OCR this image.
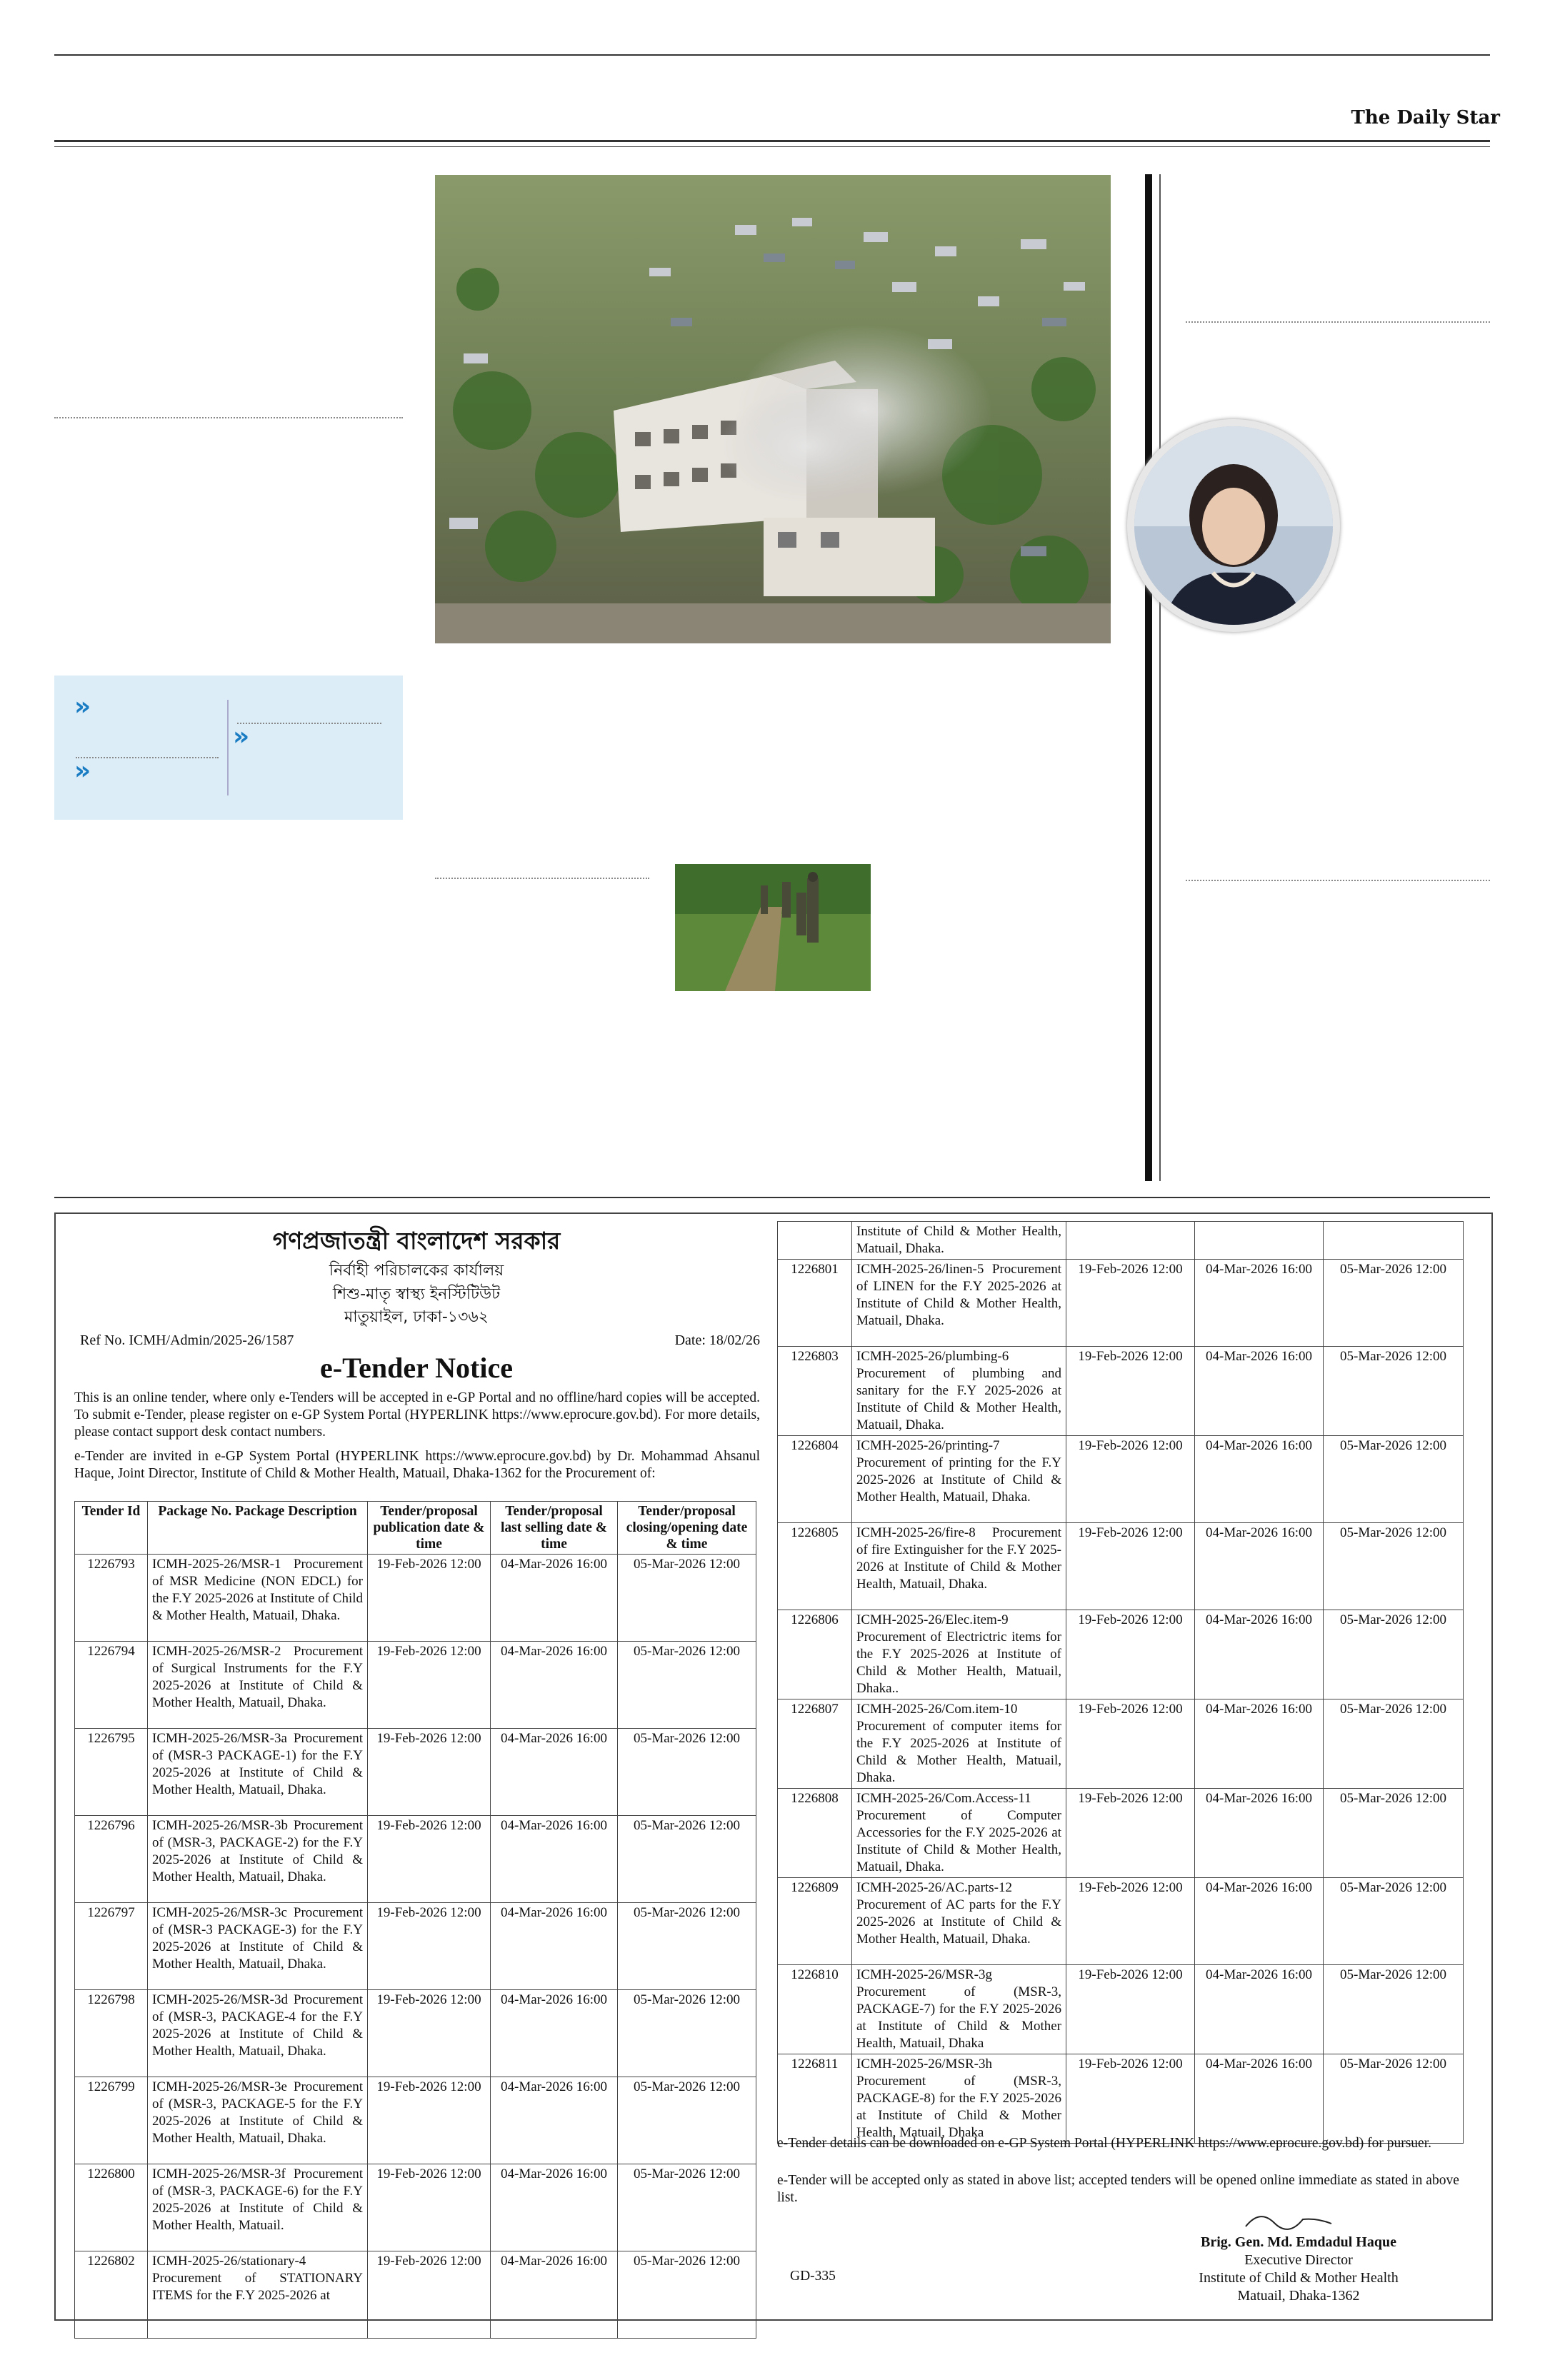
The Daily Star
»
»
»
গণপ্রজাতন্ত্রী বাংলাদেশ সরকার
নির্বাহী পরিচালকের কার্যালয়
শিশু-মাতৃ স্বাস্থ্য ইনস্টিটিউট
মাতুয়াইল, ঢাকা-১৩৬২
Ref No. ICMH/Admin/2025-26/1587	Date: 18/02/26
e-Tender Notice
This is an online tender, where only e-Tenders will be accepted in e-GP Portal and no offline/hard copies will be accepted. To submit e-Tender, please register on e-GP System Portal (HYPERLINK https://www.eprocure.gov.bd). For more details, please contact support desk contact numbers.
e-Tender are invited in e-GP System Portal (HYPERLINK https://www.eprocure.gov.bd) by Dr. Mohammad Ahsanul Haque, Joint Director, Institute of Child & Mother Health, Matuail, Dhaka-1362 for the Procurement of:
Tender Id	Package No. Package Description	Tender/proposal publication date & time	Tender/proposal last selling date & time	Tender/proposal closing/opening date & time
1226793	ICMH-2025-26/MSR-1 Procurement of MSR Medicine (NON EDCL) for the F.Y 2025-2026 at Institute of Child & Mother Health, Matuail, Dhaka.	19-Feb-2026 12:00	04-Mar-2026 16:00	05-Mar-2026 12:00
1226794	ICMH-2025-26/MSR-2 Procurement of Surgical Instruments for the F.Y 2025-2026 at Institute of Child & Mother Health, Matuail, Dhaka.	19-Feb-2026 12:00	04-Mar-2026 16:00	05-Mar-2026 12:00
1226795	ICMH-2025-26/MSR-3a Procurement of (MSR-3 PACKAGE-1) for the F.Y 2025-2026 at Institute of Child & Mother Health, Matuail, Dhaka.	19-Feb-2026 12:00	04-Mar-2026 16:00	05-Mar-2026 12:00
1226796	ICMH-2025-26/MSR-3b Procurement of (MSR-3, PACKAGE-2) for the F.Y 2025-2026 at Institute of Child & Mother Health, Matuail, Dhaka.	19-Feb-2026 12:00	04-Mar-2026 16:00	05-Mar-2026 12:00
1226797	ICMH-2025-26/MSR-3c Procurement of (MSR-3 PACKAGE-3) for the F.Y 2025-2026 at Institute of Child & Mother Health, Matuail, Dhaka.	19-Feb-2026 12:00	04-Mar-2026 16:00	05-Mar-2026 12:00
1226798	ICMH-2025-26/MSR-3d Procurement of (MSR-3, PACKAGE-4 for the F.Y 2025-2026 at Institute of Child & Mother Health, Matuail, Dhaka.	19-Feb-2026 12:00	04-Mar-2026 16:00	05-Mar-2026 12:00
1226799	ICMH-2025-26/MSR-3e Procurement of (MSR-3, PACKAGE-5 for the F.Y 2025-2026 at Institute of Child & Mother Health, Matuail, Dhaka.	19-Feb-2026 12:00	04-Mar-2026 16:00	05-Mar-2026 12:00
1226800	ICMH-2025-26/MSR-3f Procurement of (MSR-3, PACKAGE-6) for the F.Y 2025-2026 at Institute of Child & Mother Health, Matuail.	19-Feb-2026 12:00	04-Mar-2026 16:00	05-Mar-2026 12:00
1226802	ICMH-2025-26/stationary-4 Procurement of STATIONARY ITEMS for the F.Y 2025-2026 at	19-Feb-2026 12:00	04-Mar-2026 16:00	05-Mar-2026 12:00
	Institute of Child & Mother Health, Matuail, Dhaka.			
1226801	ICMH-2025-26/linen-5 Procurement of LINEN for the F.Y 2025-2026 at Institute of Child & Mother Health, Matuail, Dhaka.	19-Feb-2026 12:00	04-Mar-2026 16:00	05-Mar-2026 12:00
1226803	ICMH-2025-26/plumbing-6 Procurement of plumbing and sanitary for the F.Y 2025-2026 at Institute of Child & Mother Health, Matuail, Dhaka.	19-Feb-2026 12:00	04-Mar-2026 16:00	05-Mar-2026 12:00
1226804	ICMH-2025-26/printing-7 Procurement of printing for the F.Y 2025-2026 at Institute of Child & Mother Health, Matuail, Dhaka.	19-Feb-2026 12:00	04-Mar-2026 16:00	05-Mar-2026 12:00
1226805	ICMH-2025-26/fire-8 Procurement of fire Extinguisher for the F.Y 2025-2026 at Institute of Child & Mother Health, Matuail, Dhaka.	19-Feb-2026 12:00	04-Mar-2026 16:00	05-Mar-2026 12:00
1226806	ICMH-2025-26/Elec.item-9 Procurement of Electrictric items for the F.Y 2025-2026 at Institute of Child & Mother Health, Matuail, Dhaka..	19-Feb-2026 12:00	04-Mar-2026 16:00	05-Mar-2026 12:00
1226807	ICMH-2025-26/Com.item-10 Procurement of computer items for the F.Y 2025-2026 at Institute of Child & Mother Health, Matuail, Dhaka.	19-Feb-2026 12:00	04-Mar-2026 16:00	05-Mar-2026 12:00
1226808	ICMH-2025-26/Com.Access-11 Procurement of Computer Accessories for the F.Y 2025-2026 at Institute of Child & Mother Health, Matuail, Dhaka.	19-Feb-2026 12:00	04-Mar-2026 16:00	05-Mar-2026 12:00
1226809	ICMH-2025-26/AC.parts-12 Procurement of AC parts for the F.Y 2025-2026 at Institute of Child & Mother Health, Matuail, Dhaka.	19-Feb-2026 12:00	04-Mar-2026 16:00	05-Mar-2026 12:00
1226810	ICMH-2025-26/MSR-3g Procurement of (MSR-3, PACKAGE-7) for the F.Y 2025-2026 at Institute of Child & Mother Health, Matuail, Dhaka	19-Feb-2026 12:00	04-Mar-2026 16:00	05-Mar-2026 12:00
1226811	ICMH-2025-26/MSR-3h Procurement of (MSR-3, PACKAGE-8) for the F.Y 2025-2026 at Institute of Child & Mother Health, Matuail, Dhaka	19-Feb-2026 12:00	04-Mar-2026 16:00	05-Mar-2026 12:00
e-Tender details can be downloaded on e-GP System Portal (HYPERLINK https://www.eprocure.gov.bd) for pursuer.
e-Tender will be accepted only as stated in above list; accepted tenders will be opened online immediate as stated in above list.
GD-335
Brig. Gen. Md. Emdadul Haque
Executive Director
Institute of Child & Mother Health
Matuail, Dhaka-1362
